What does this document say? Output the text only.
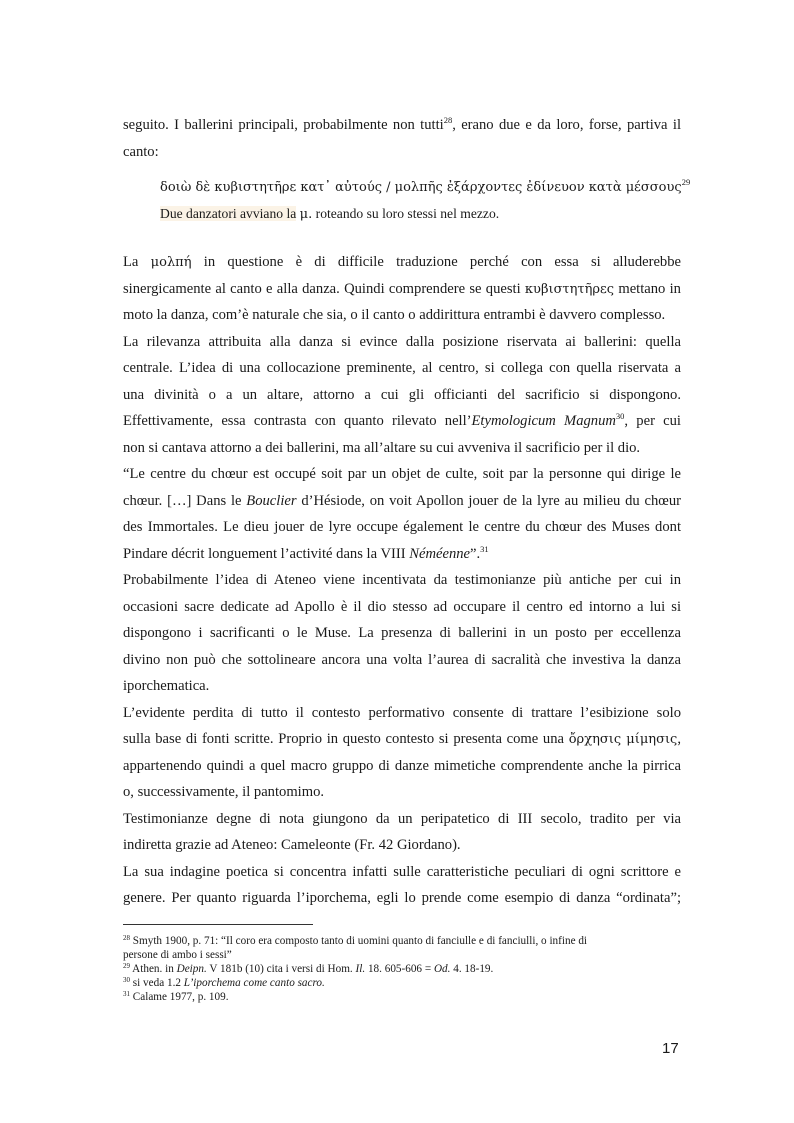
seguito. I ballerini principali, probabilmente non tutti$^{28}$, erano due e da loro, forse, partiva il
canto:
δοιὼ δὲ κυβιστητῆρε κατ᾽ αὐτούς / μολπῆς ἐξάρχοντες ἐδίνευον κατὰ μέσσους$^{29}$
Due danzatori avviano la μ. roteando su loro stessi nel mezzo.
La μολπή in questione è di difficile traduzione perché con essa si alluderebbe
sinergicamente al canto e alla danza. Quindi comprendere se questi κυβιστητῆρες mettano in
moto la danza, com’è naturale che sia, o il canto o addirittura entrambi è davvero complesso.
La rilevanza attribuita alla danza si evince dalla posizione riservata ai ballerini: quella
centrale. L’idea di una collocazione preminente, al centro, si collega con quella riservata a
una divinità o a un altare, attorno a cui gli officianti del sacrificio si dispongono.
Effettivamente, essa contrasta con quanto rilevato nell’Etymologicum Magnum$^{30}$, per cui
non si cantava attorno a dei ballerini, ma all’altare su cui avveniva il sacrificio per il dio.
“Le centre du chœur est occupé soit par un objet de culte, soit par la personne qui dirige le
chœur. […] Dans le Bouclier d’Hésiode, on voit Apollon jouer de la lyre au milieu du chœur
des Immortales. Le dieu jouer de lyre occupe également le centre du chœur des Muses dont
Pindare décrit longuement l’activité dans la VIII Néméenne”.$^{31}$
Probabilmente l’idea di Ateneo viene incentivata da testimonianze più antiche per cui in
occasioni sacre dedicate ad Apollo è il dio stesso ad occupare il centro ed intorno a lui si
dispongono i sacrificanti o le Muse. La presenza di ballerini in un posto per eccellenza
divino non può che sottolineare ancora una volta l’aurea di sacralità che investiva la danza
iporchematica.
L’evidente perdita di tutto il contesto performativo consente di trattare l’esibizione solo
sulla base di fonti scritte. Proprio in questo contesto si presenta come una ὄρχησις μίμησις,
appartenendo quindi a quel macro gruppo di danze mimetiche comprendente anche la pirrica
o, successivamente, il pantomimo.
Testimonianze degne di nota giungono da un peripatetico di III secolo, tradito per via
indiretta grazie ad Ateneo: Cameleonte (Fr. 42 Giordano).
La sua indagine poetica si concentra infatti sulle caratteristiche peculiari di ogni scrittore e
genere. Per quanto riguarda l’iporchema, egli lo prende come esempio di danza “ordinata”;
$^{28}$ Smyth 1900, p. 71: “Il coro era composto tanto di uomini quanto di fanciulle e di fanciulli, o infine di
persone di ambo i sessi”
$^{29}$ Athen. in Deipn. V 181b (10) cita i versi di Hom. Il. 18. 605-606 = Od. 4. 18-19.
$^{30}$ si veda 1.2 L’iporchema come canto sacro.
$^{31}$ Calame 1977, p. 109.
17
